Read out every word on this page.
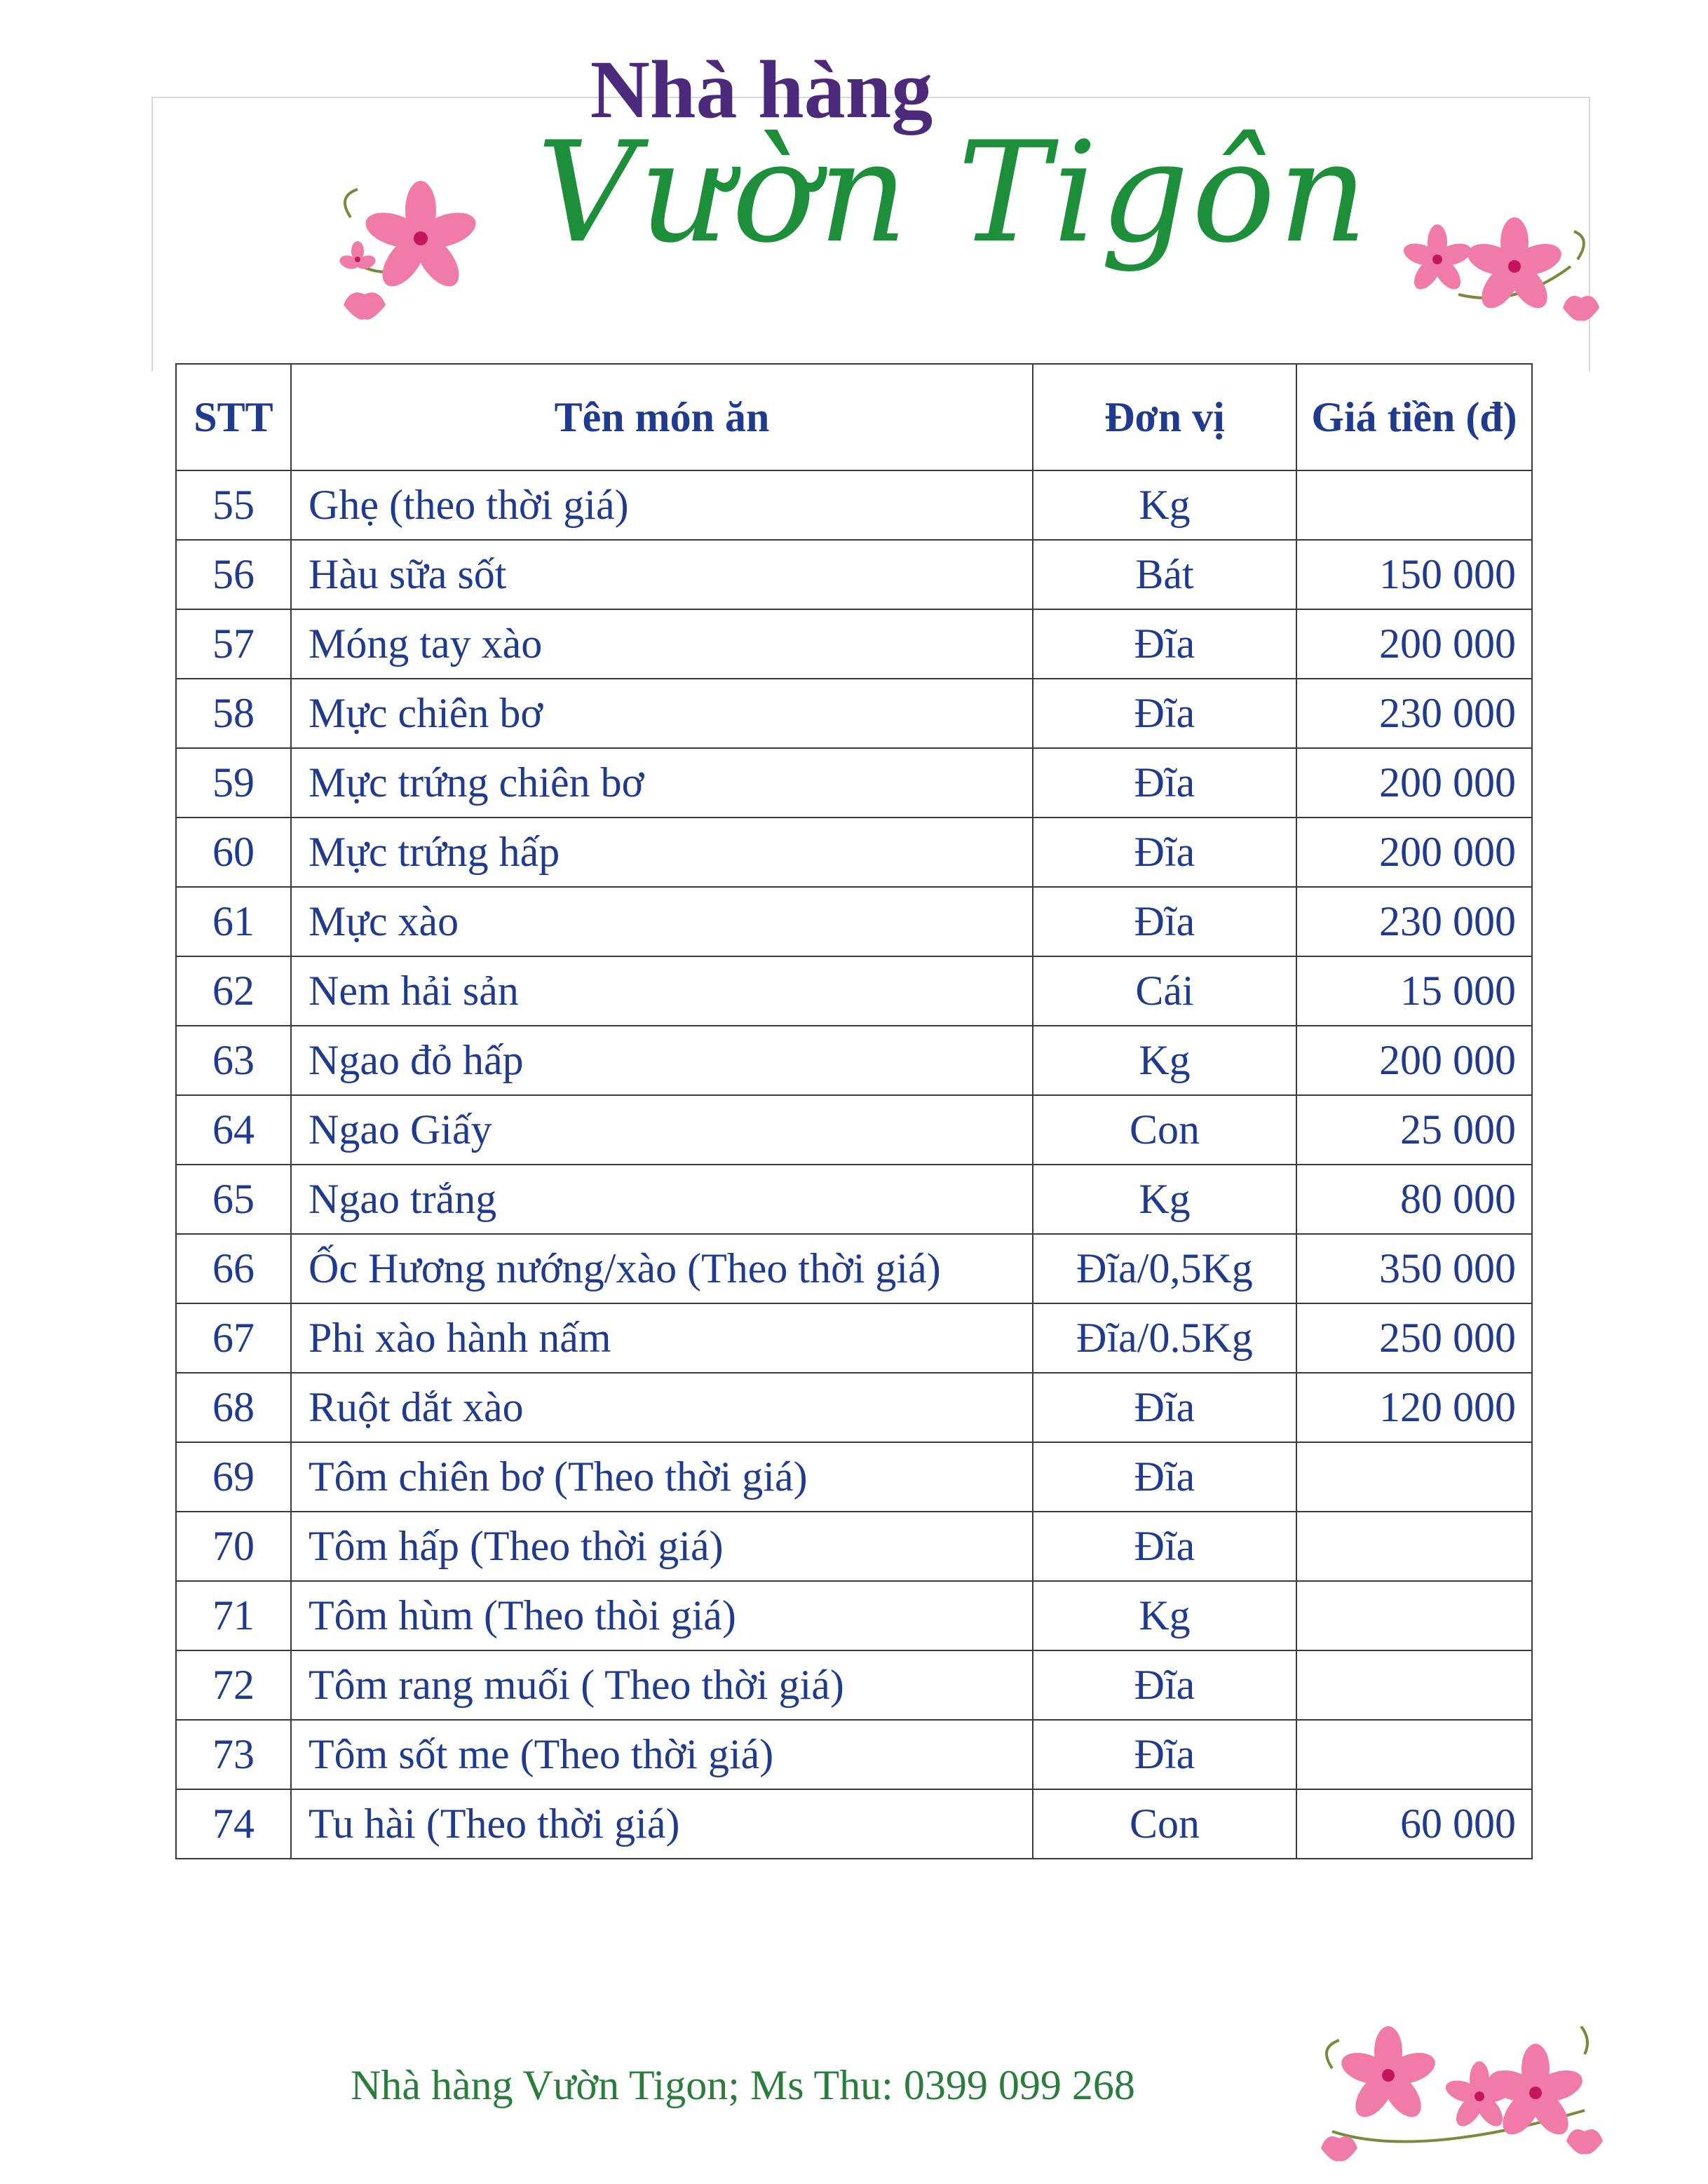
Nhà hàng
Vườn Tigôn
STT	Tên món ăn	Đơn vị	Giá tiền (đ)
55	Ghẹ (theo thời giá)	Kg	
56	Hàu sữa sốt	Bát	150 000
57	Móng tay xào	Đĩa	200 000
58	Mực chiên bơ	Đĩa	230 000
59	Mực trứng chiên bơ	Đĩa	200 000
60	Mực trứng hấp	Đĩa	200 000
61	Mực xào	Đĩa	230 000
62	Nem hải sản	Cái	15 000
63	Ngao đỏ hấp	Kg	200 000
64	Ngao Giấy	Con	25 000
65	Ngao trắng	Kg	80 000
66	Ốc Hương nướng/xào (Theo thời giá)	Đĩa/0,5Kg	350 000
67	Phi xào hành nấm	Đĩa/0.5Kg	250 000
68	Ruột dắt xào	Đĩa	120 000
69	Tôm chiên bơ (Theo thời giá)	Đĩa	
70	Tôm hấp (Theo thời giá)	Đĩa	
71	Tôm hùm (Theo thòi giá)	Kg	
72	Tôm rang muối ( Theo thời giá)	Đĩa	
73	Tôm sốt me (Theo thời giá)	Đĩa	
74	Tu hài (Theo thời giá)	Con	60 000
Nhà hàng Vườn Tigon; Ms Thu: 0399 099 268
